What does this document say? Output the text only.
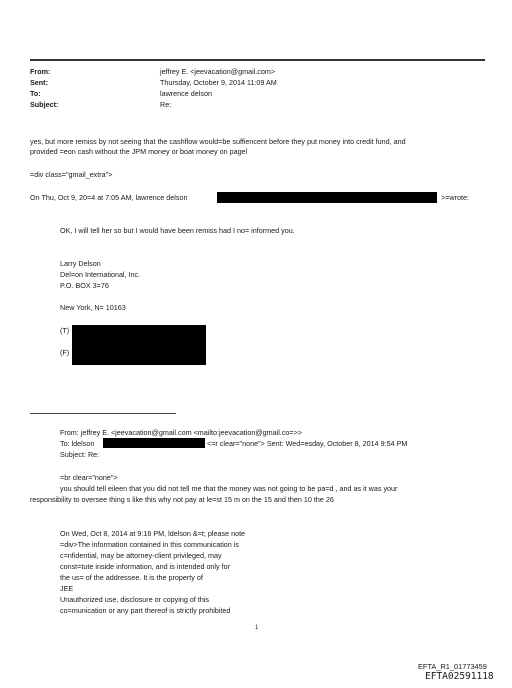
From:
Sent:
To:
Subject:
jeffrey E. <jeevacation@gmail.com>
Thursday, October 9, 2014 11:09 AM
lawrence delson
Re:
yes, but more remiss by not seeing that the cashflow would=be suffiencent before they put money into credit fund, and
provided =eon cash without the JPM money or boat money on pagel
=div class="gmail_extra">
On Thu, Oct 9, 20=4 at 7:05 AM, lawrence delson	>=wrote:
OK, I will tell her so but I would have been remiss had I no= informed you.
Larry Delson
Del=on International, Inc.
P.O. BOX 3=76
New York, N= 10163
(T)
(F)
From: jeffrey E. <jeevacation@gmail.com <mailto:jeevacation@gmail.co=>>
To: ldelson	<=r clear="none"> Sent: Wed=esday, October 8, 2014 9:54 PM
Subject: Re:
=br clear="none">
you should tell eileen that you did not tell me that the money was not going to be pa=d , and as it was your
responsibility to oversee thing s like this why not pay at le=st 15 m on the 15 and then 10 the 26
On Wed, Oct 8, 2014 at 9:16 PM, ldelson &=t; please note
=div>The information contained in this communication is
c=nfidential, may be attorney-client privileged, may
const=tute inside information, and is intended only for
the us= of the addressee. It is the property of
JEE
Unauthorized use, disclosure or copying of this
co=munication or any part thereof is strictly prohibited
1
EFTA_R1_01773459
EFTA02591118
